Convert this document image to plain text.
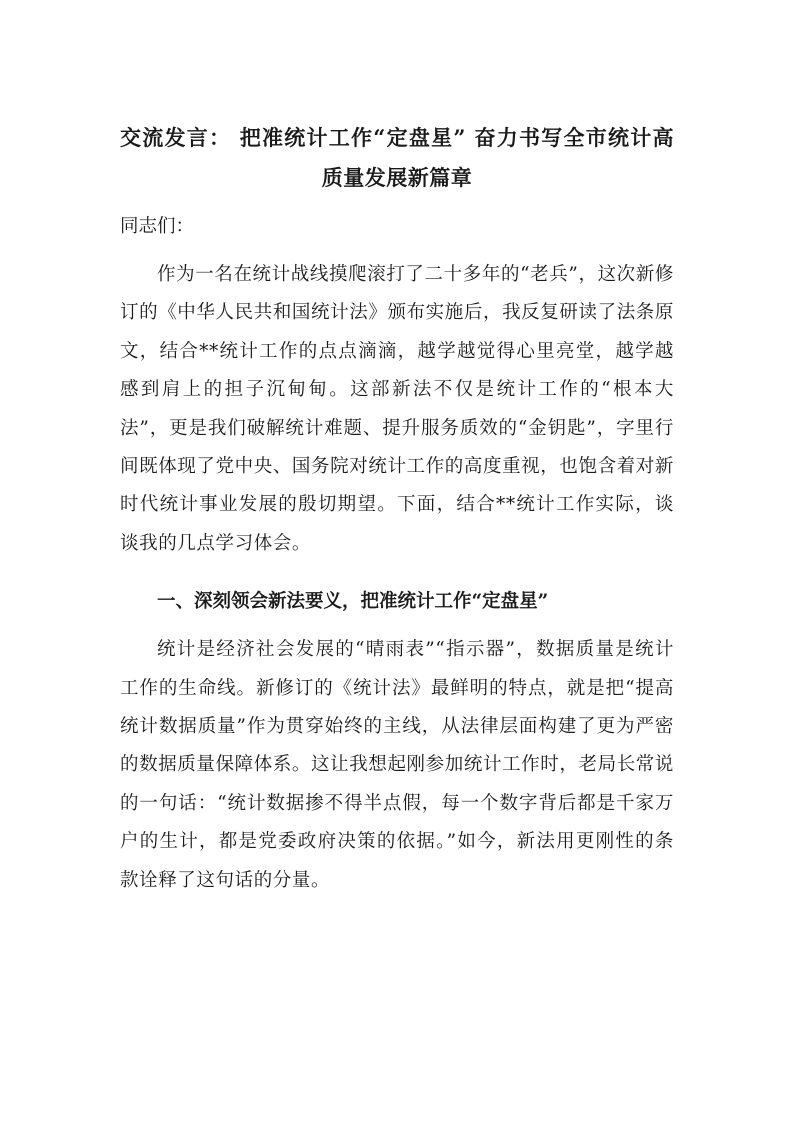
交流发言： 把准统计工作“定盘星” 奋力书写全市统计高质量发展新篇章

同志们：

作为一名在统计战线摸爬滚打了二十多年的“老兵”，这次新修订的《中华人民共和国统计法》颁布实施后，我反复研读了法条原文，结合**统计工作的点点滴滴，越学越觉得心里亮堂，越学越感到肩上的担子沉甸甸。这部新法不仅是统计工作的“根本大法”，更是我们破解统计难题、提升服务质效的“金钥匙”，字里行间既体现了党中央、国务院对统计工作的高度重视，也饱含着对新时代统计事业发展的殷切期望。下面，结合**统计工作实际，谈谈我的几点学习体会。

一、深刻领会新法要义，把准统计工作“定盘星”

统计是经济社会发展的“晴雨表”“指示器”，数据质量是统计工作的生命线。新修订的《统计法》最鲜明的特点，就是把“提高统计数据质量”作为贯穿始终的主线，从法律层面构建了更为严密的数据质量保障体系。这让我想起刚参加统计工作时，老局长常说的一句话：“统计数据掺不得半点假，每一个数字背后都是千家万户的生计，都是党委政府决策的依据。”如今，新法用更刚性的条款诠释了这句话的分量。
